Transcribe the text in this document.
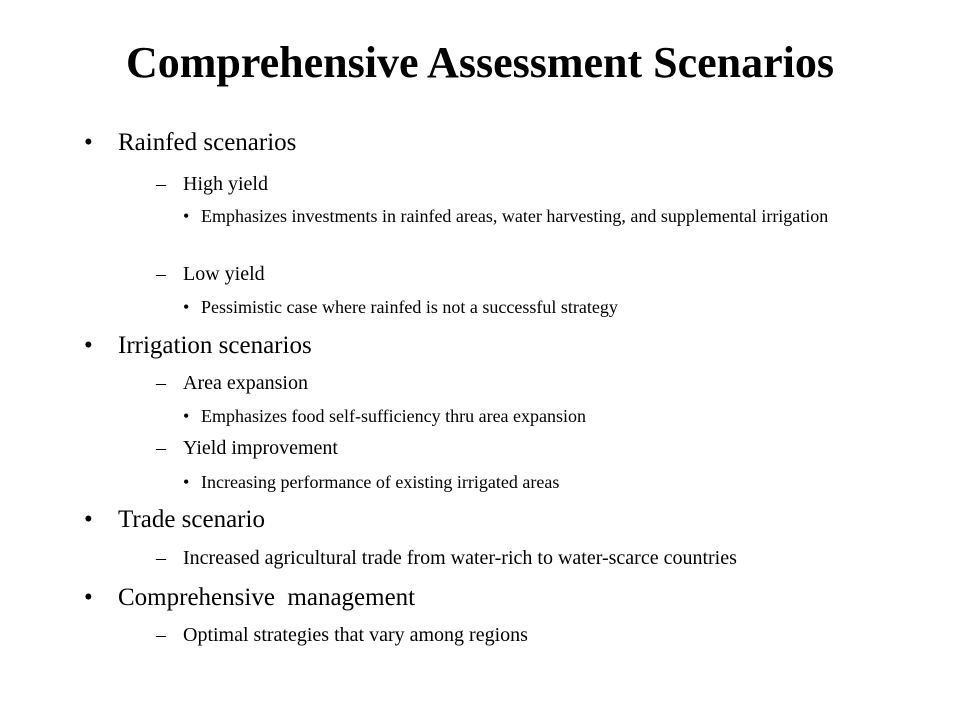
Comprehensive Assessment Scenarios
• Rainfed scenarios
– High yield
• Emphasizes investments in rainfed areas, water harvesting, and supplemental irrigation
– Low yield
• Pessimistic case where rainfed is not a successful strategy
• Irrigation scenarios
– Area expansion
• Emphasizes food self-sufficiency thru area expansion
– Yield improvement
• Increasing performance of existing irrigated areas
• Trade scenario
– Increased agricultural trade from water-rich to water-scarce countries
• Comprehensive  management
– Optimal strategies that vary among regions
